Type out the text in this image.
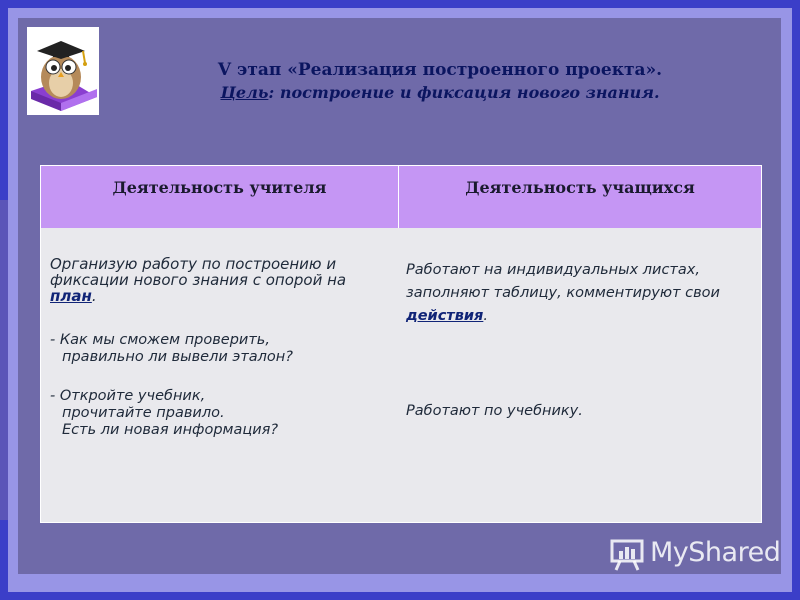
V этап «Реализация построенного проекта».
Цель: построение и фиксация нового знания.
Деятельность учителя	Деятельность учащихся
Организую работу по построению и фиксации нового знания с опорой на план.
- Как мы сможем проверить,

правильно ли вывели эталон?
- Откройте учебник,

прочитайте правило.
Есть ли новая информация?
Работают на индивидуальных листах, заполняют таблицу, комментируют свои действия.
Работают по учебнику.
MyShared
